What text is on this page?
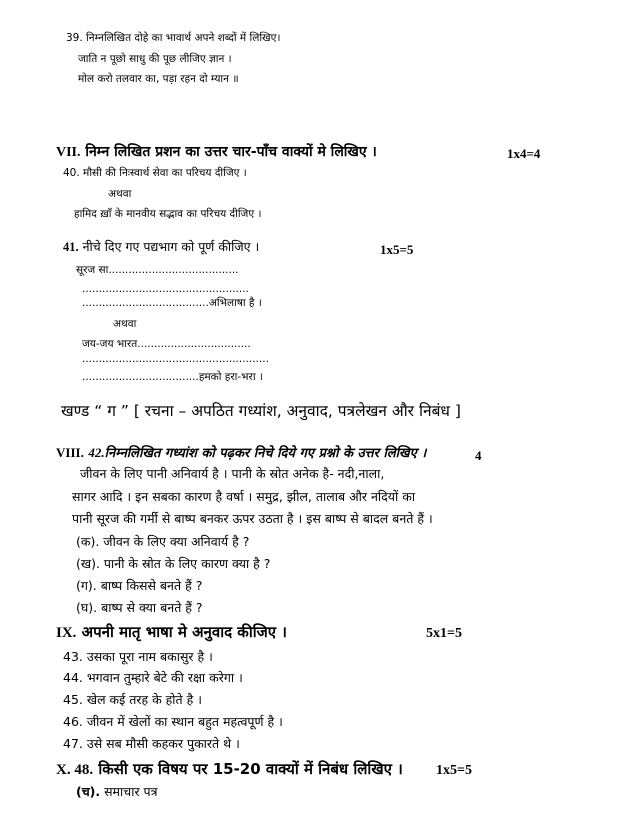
39. निम्नलिखित दोहे का भावार्थ अपने शब्दों में लिखिए।
जाति न पूछो साधु की पूछ लीजिए ज्ञान ।
मोल करो तलवार का, पड़ा रहन दो म्यान ॥
VII. निम्न लिखित प्रशन का उत्तर चार-पाँच वाक्यों मे लिखिए ।	1x4=4
40. मौसी की निःस्वार्थ सेवा का परिचय दीजिए ।
अथवा
हामिद ख़ाँ के मानवीय सद्भाव का परिचय दीजिए ।
41. नीचे दिए गए पद्यभाग को पूर्ण कीजिए ।	1x5=5
सूरज सा.......................................
..................................................
......................................अभिलाषा है ।
अथवा
जय-जय भारत..................................
........................................................
...................................हमको हरा-भरा ।
खण्ड “ ग ” [ रचना – अपठित गध्यांश, अनुवाद, पत्रलेखन और निबंध ]
VIII. 42.निम्नलिखित गध्यांश को पढ़कर निचे दिये गए प्रश्नो के उत्तर लिखिए ।	4
जीवन के लिए पानी अनिवार्य है । पानी के स्रोत अनेक है- नदी,नाला,
सागर आदि । इन सबका कारण है वर्षा । समुद्र, झील, तालाब और नदियों का
पानी सूरज की गर्मी से बाष्प बनकर ऊपर उठता है । इस बाष्प से बादल बनते हैं ।
(क). जीवन के लिए क्या अनिवार्य है ?
(ख). पानी के स्रोत के लिए कारण क्या है ?
(ग). बाष्प किससे बनते हैं ?
(घ). बाष्प से क्या बनते हैं ?
IX. अपनी मातृ भाषा मे अनुवाद कीजिए ।	5x1=5
43. उसका पूरा नाम बकासुर है ।
44. भगवान तुम्हारे बेटे की रक्षा करेगा ।
45. खेल कई तरह के होते है ।
46. जीवन में खेलों का स्थान बहुत महत्वपूर्ण है ।
47. उसे सब मौसी कहकर पुकारते थे ।
X. 48. किसी एक विषय पर 15-20 वाक्यों में निबंध लिखिए । 1x5=5
(च). समाचार पत्र
